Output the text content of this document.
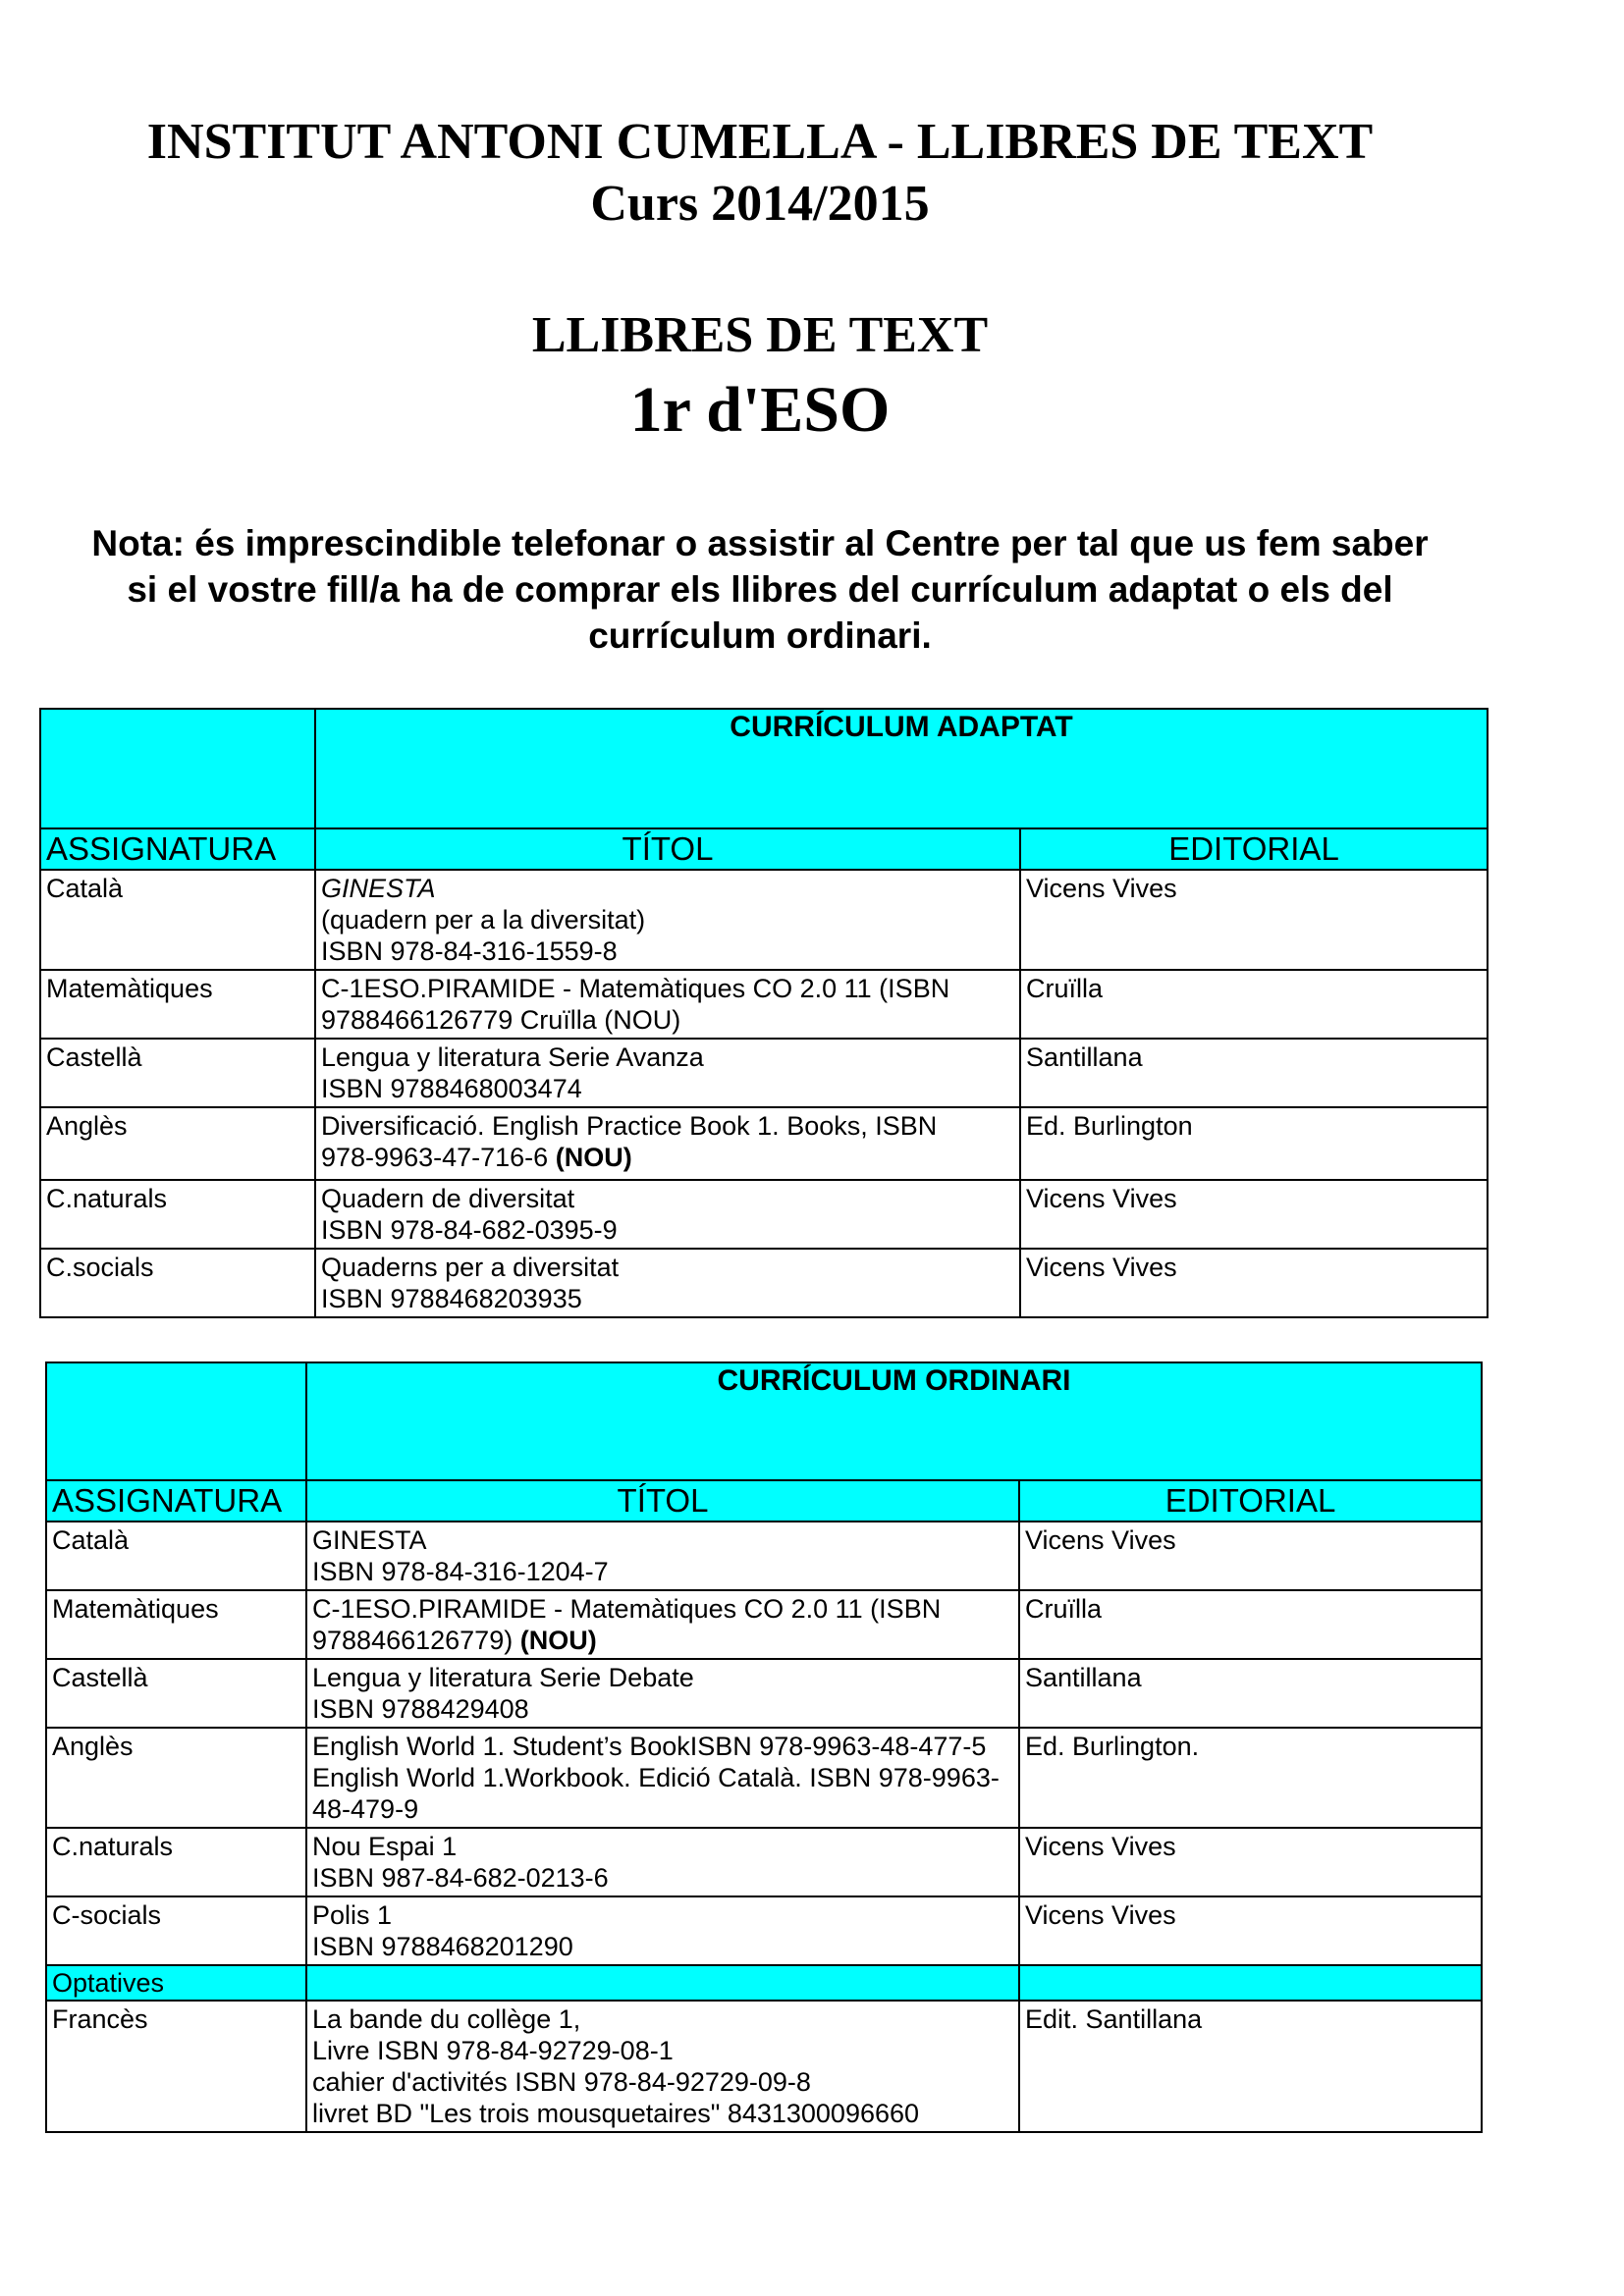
INSTITUT ANTONI CUMELLA - LLIBRES DE TEXT
Curs 2014/2015
LLIBRES DE TEXT
1r d'ESO
Nota: és imprescindible telefonar o assistir al Centre per tal que us fem saber si el vostre fill/a ha de comprar els llibres del currículum adaptat o els del currículum ordinari.
	CURRÍCULUM ADAPTAT	
ASSIGNATURA	TÍTOL	EDITORIAL
Català	GINESTA
(quadern per a la diversitat)
ISBN 978-84-316-1559-8	Vicens Vives
Matemàtiques	C-1ESO.PIRAMIDE - Matemàtiques CO 2.0 11 (ISBN 9788466126779 Cruïlla (NOU)	Cruïlla
Castellà	Lengua y literatura Serie Avanza
ISBN 9788468003474	Santillana
Anglès	Diversificació. English Practice Book 1. Books, ISBN
978-9963-47-716-6 (NOU)	Ed. Burlington
C.naturals	Quadern de diversitat
ISBN 978-84-682-0395-9	Vicens Vives
C.socials	Quaderns per a diversitat
ISBN 9788468203935	Vicens Vives
	CURRÍCULUM ORDINARI	
ASSIGNATURA	TÍTOL	EDITORIAL
Català	GINESTA
ISBN 978-84-316-1204-7	Vicens Vives
Matemàtiques	C-1ESO.PIRAMIDE - Matemàtiques CO 2.0 11 (ISBN 9788466126779) (NOU)	Cruïlla
Castellà	Lengua y literatura Serie Debate
ISBN 9788429408	Santillana
Anglès	English World 1. Student’s BookISBN 978-9963-48-477-5 English World 1.Workbook. Edició Català. ISBN 978-9963-48-479-9	Ed. Burlington.
C.naturals	Nou Espai 1
ISBN 987-84-682-0213-6	Vicens Vives
C-socials	Polis 1
ISBN 9788468201290	Vicens Vives
Optatives		
Francès	La bande du collège 1,
Livre ISBN 978-84-92729-08-1
cahier d'activités ISBN 978-84-92729-09-8
livret BD "Les trois mousquetaires" 8431300096660	Edit. Santillana
